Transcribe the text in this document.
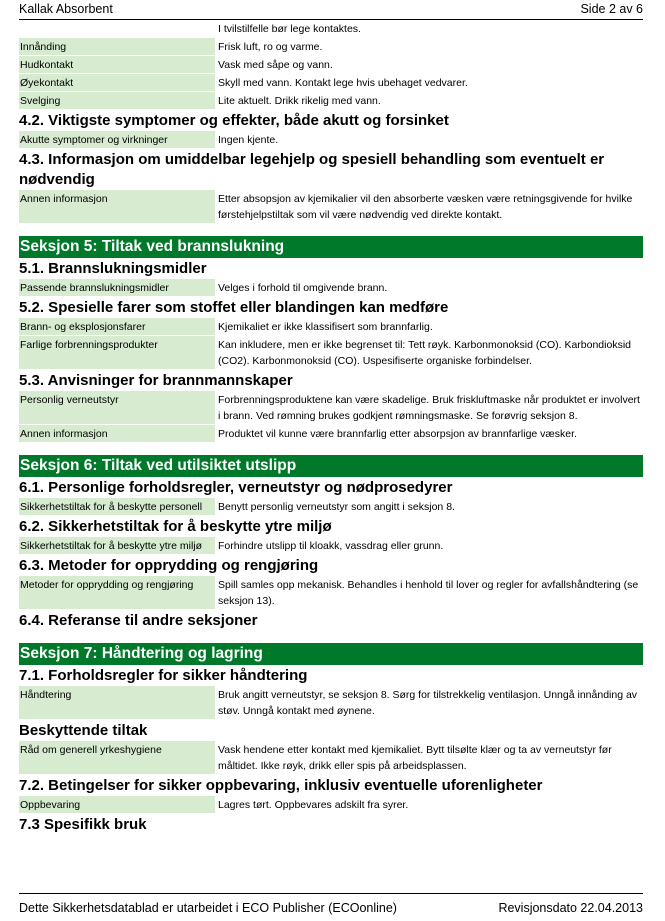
Kallak Absorbent	Side 2 av 6
I tvilstilfelle bør lege kontaktes.
Innånding	Frisk luft, ro og varme.
Hudkontakt	Vask med såpe og vann.
Øyekontakt	Skyll med vann. Kontakt lege hvis ubehaget vedvarer.
Svelging	Lite aktuelt. Drikk rikelig med vann.
4.2. Viktigste symptomer og effekter, både akutt og forsinket
Akutte symptomer og virkninger	Ingen kjente.
4.3. Informasjon om umiddelbar legehjelp og spesiell behandling som eventuelt er nødvendig
Annen informasjon	Etter absopsjon av kjemikalier vil den absorberte væsken være retningsgivende for hvilke førstehjelpstiltak som vil være nødvendig ved direkte kontakt.
Seksjon 5: Tiltak ved brannslukning
5.1. Brannslukningsmidler
Passende brannslukningsmidler	Velges i forhold til omgivende brann.
5.2. Spesielle farer som stoffet eller blandingen kan medføre
Brann- og eksplosjonsfarer	Kjemikaliet er ikke klassifisert som brannfarlig.
Farlige forbrenningsprodukter	Kan inkludere, men er ikke begrenset til: Tett røyk. Karbonmonoksid (CO). Karbondioksid (CO2). Karbonmonoksid (CO). Uspesifiserte organiske forbindelser.
5.3. Anvisninger for brannmannskaper
Personlig verneutstyr	Forbrenningsproduktene kan være skadelige. Bruk friskluftmaske når produktet er involvert i brann. Ved rømning brukes godkjent rømningsmaske. Se forøvrig seksjon 8.
Annen informasjon	Produktet vil kunne være brannfarlig etter absorpsjon av brannfarlige væsker.
Seksjon 6: Tiltak ved utilsiktet utslipp
6.1. Personlige forholdsregler, verneutstyr og nødprosedyrer
Sikkerhetstiltak for å beskytte personell	Benytt personlig verneutstyr som angitt i seksjon 8.
6.2. Sikkerhetstiltak for å beskytte ytre miljø
Sikkerhetstiltak for å beskytte ytre miljø	Forhindre utslipp til kloakk, vassdrag eller grunn.
6.3. Metoder for opprydding og rengjøring
Metoder for opprydding og rengjøring	Spill samles opp mekanisk. Behandles i henhold til lover og regler for avfallshåndtering (se seksjon 13).
6.4. Referanse til andre seksjoner
Seksjon 7: Håndtering og lagring
7.1. Forholdsregler for sikker håndtering
Håndtering	Bruk angitt verneutstyr, se seksjon 8. Sørg for tilstrekkelig ventilasjon. Unngå innånding av støv. Unngå kontakt med øynene.
Beskyttende tiltak
Råd om generell yrkeshygiene	Vask hendene etter kontakt med kjemikaliet. Bytt tilsølte klær og ta av verneutstyr før måltidet. Ikke røyk, drikk eller spis på arbeidsplassen.
7.2. Betingelser for sikker oppbevaring, inklusiv eventuelle uforenligheter
Oppbevaring	Lagres tørt. Oppbevares adskilt fra syrer.
7.3 Spesifikk bruk
Dette Sikkerhetsdatablad er utarbeidet i ECO Publisher (ECOonline)	Revisjonsdato 22.04.2013
